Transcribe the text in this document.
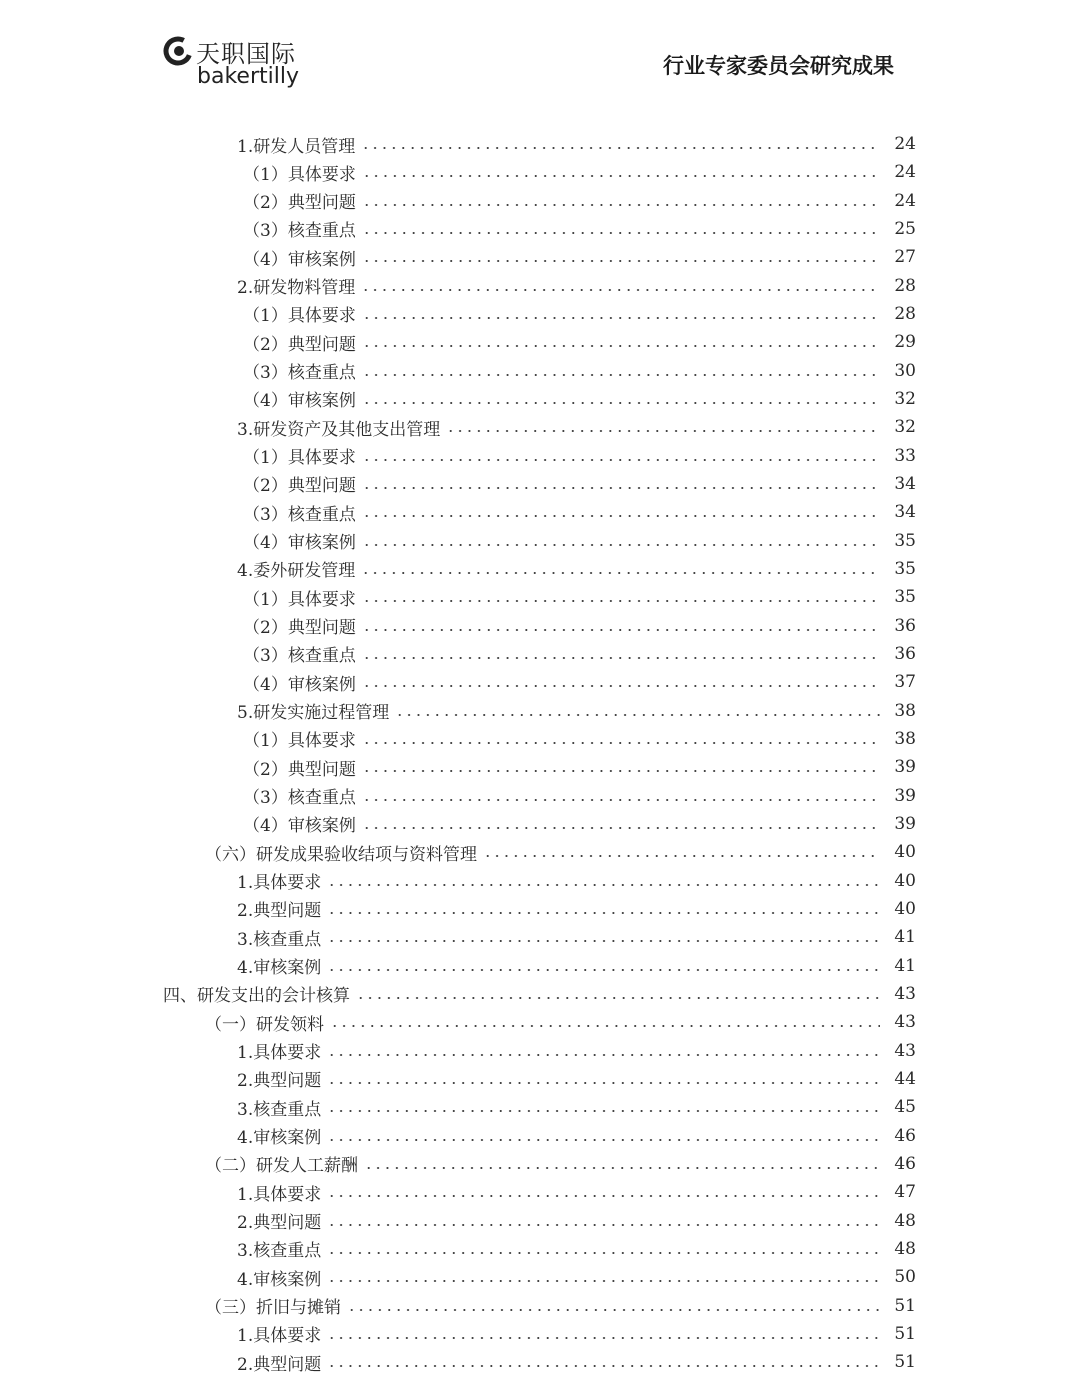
天职国际
bakertilly	行业专家委员会研究成果
1.研发人员管理	24
（1）具体要求	24
（2）典型问题	24
（3）核查重点	25
（4）审核案例	27
2.研发物料管理	28
（1）具体要求	28
（2）典型问题	29
（3）核查重点	30
（4）审核案例	32
3.研发资产及其他支出管理	32
（1）具体要求	33
（2）典型问题	34
（3）核查重点	34
（4）审核案例	35
4.委外研发管理	35
（1）具体要求	35
（2）典型问题	36
（3）核查重点	36
（4）审核案例	37
5.研发实施过程管理	38
（1）具体要求	38
（2）典型问题	39
（3）核查重点	39
（4）审核案例	39
（六）研发成果验收结项与资料管理	40
1.具体要求	40
2.典型问题	40
3.核查重点	41
4.审核案例	41
四、研发支出的会计核算	43
（一）研发领料	43
1.具体要求	43
2.典型问题	44
3.核查重点	45
4.审核案例	46
（二）研发人工薪酬	46
1.具体要求	47
2.典型问题	48
3.核查重点	48
4.审核案例	50
（三）折旧与摊销	51
1.具体要求	51
2.典型问题	51
